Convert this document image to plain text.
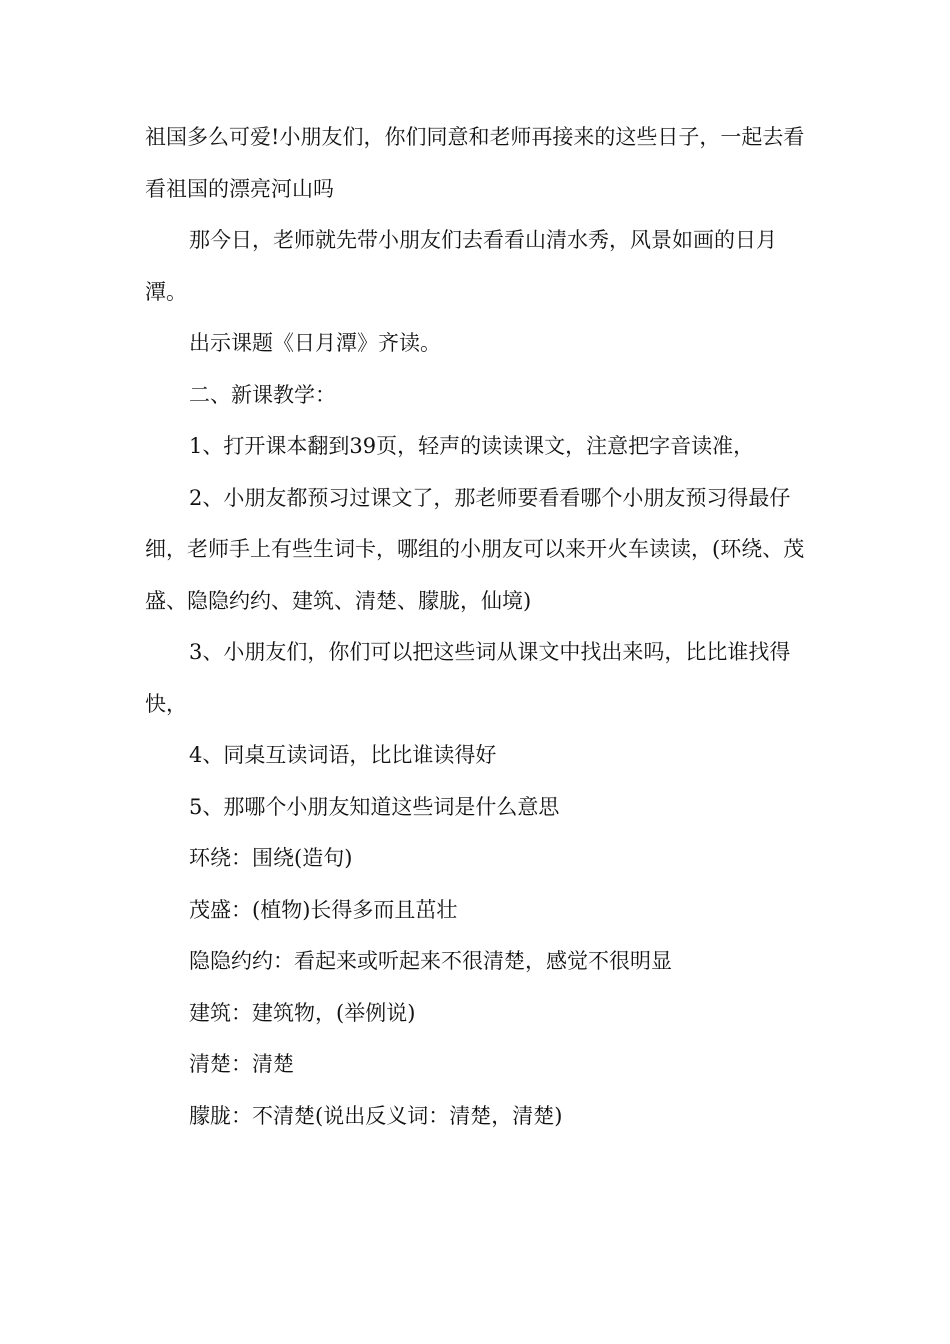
祖国多么可爱!小朋友们，你们同意和老师再接来的这些日子，一起去看看祖国的漂亮河山吗

那今日，老师就先带小朋友们去看看山清水秀，风景如画的日月潭。

出示课题《日月潭》齐读。

二、新课教学：

1、打开课本翻到39页，轻声的读读课文，注意把字音读准，

2、小朋友都预习过课文了，那老师要看看哪个小朋友预习得最仔细，老师手上有些生词卡，哪组的小朋友可以来开火车读读，(环绕、茂盛、隐隐约约、建筑、清楚、朦胧，仙境)

3、小朋友们，你们可以把这些词从课文中找出来吗，比比谁找得快，

4、同桌互读词语，比比谁读得好

5、那哪个小朋友知道这些词是什么意思

环绕：围绕(造句)

茂盛：(植物)长得多而且茁壮

隐隐约约：看起来或听起来不很清楚，感觉不很明显

建筑：建筑物，(举例说)

清楚：清楚

朦胧：不清楚(说出反义词：清楚，清楚)
